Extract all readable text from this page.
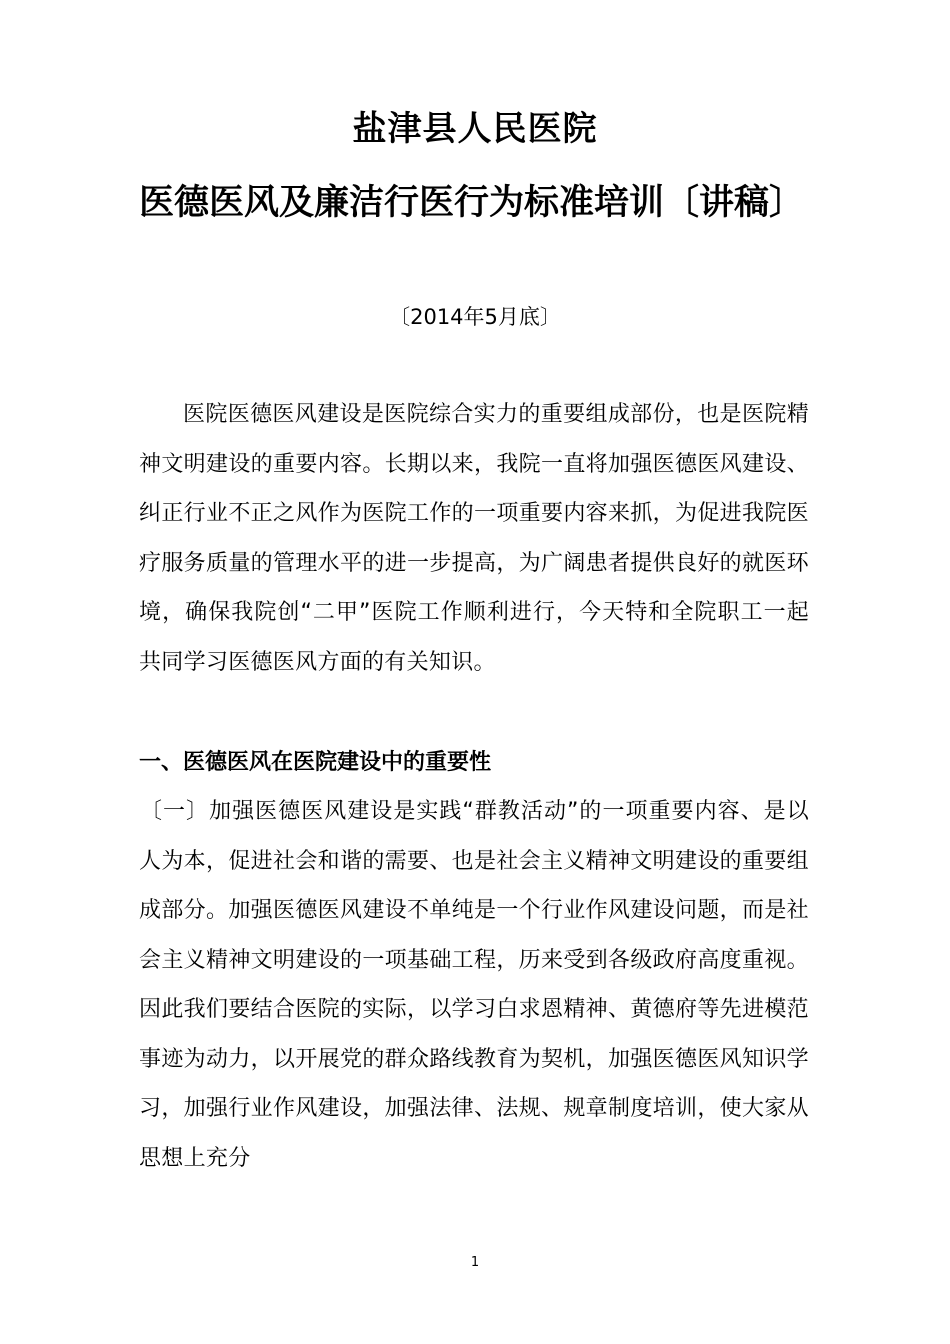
盐津县人民医院
医德医风及廉洁行医行为标准培训〔讲稿〕
〔2014年5月底〕
医院医德医风建设是医院综合实力的重要组成部份，也是医院精神文明建设的重要内容。长期以来，我院一直将加强医德医风建设、纠正行业不正之风作为医院工作的一项重要内容来抓，为促进我院医疗服务质量的管理水平的进一步提高，为广阔患者提供良好的就医环境，确保我院创“二甲”医院工作顺利进行，今天特和全院职工一起共同学习医德医风方面的有关知识。
一、医德医风在医院建设中的重要性
〔一〕加强医德医风建设是实践“群教活动”的一项重要内容、是以人为本，促进社会和谐的需要、也是社会主义精神文明建设的重要组成部分。加强医德医风建设不单纯是一个行业作风建设问题，而是社会主义精神文明建设的一项基础工程，历来受到各级政府高度重视。因此我们要结合医院的实际，以学习白求恩精神、黄德府等先进模范事迹为动力，以开展党的群众路线教育为契机，加强医德医风知识学习，加强行业作风建设，加强法律、法规、规章制度培训，使大家从思想上充分
1
